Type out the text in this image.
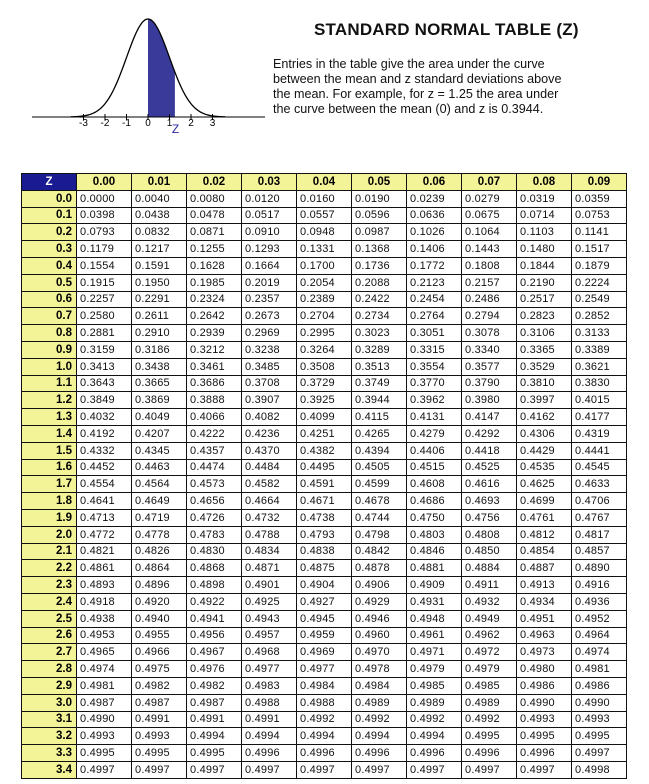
-3 -2 -1 0 1 2 3
Z
STANDARD NORMAL TABLE (Z)

Entries in the table give the area under the curve

between the mean and z standard deviations above

the mean. For example, for z = 1.25 the area under

the curve between the mean (0) and z is 0.3944.

Z	0.00	0.01	0.02	0.03	0.04	0.05	0.06	0.07	0.08	0.09
0.0	0.0000	0.0040	0.0080	0.0120	0.0160	0.0190	0.0239	0.0279	0.0319	0.0359
0.1	0.0398	0.0438	0.0478	0.0517	0.0557	0.0596	0.0636	0.0675	0.0714	0.0753
0.2	0.0793	0.0832	0.0871	0.0910	0.0948	0.0987	0.1026	0.1064	0.1103	0.1141
0.3	0.1179	0.1217	0.1255	0.1293	0.1331	0.1368	0.1406	0.1443	0.1480	0.1517
0.4	0.1554	0.1591	0.1628	0.1664	0.1700	0.1736	0.1772	0.1808	0.1844	0.1879
0.5	0.1915	0.1950	0.1985	0.2019	0.2054	0.2088	0.2123	0.2157	0.2190	0.2224
0.6	0.2257	0.2291	0.2324	0.2357	0.2389	0.2422	0.2454	0.2486	0.2517	0.2549
0.7	0.2580	0.2611	0.2642	0.2673	0.2704	0.2734	0.2764	0.2794	0.2823	0.2852
0.8	0.2881	0.2910	0.2939	0.2969	0.2995	0.3023	0.3051	0.3078	0.3106	0.3133
0.9	0.3159	0.3186	0.3212	0.3238	0.3264	0.3289	0.3315	0.3340	0.3365	0.3389
1.0	0.3413	0.3438	0.3461	0.3485	0.3508	0.3513	0.3554	0.3577	0.3529	0.3621
1.1	0.3643	0.3665	0.3686	0.3708	0.3729	0.3749	0.3770	0.3790	0.3810	0.3830
1.2	0.3849	0.3869	0.3888	0.3907	0.3925	0.3944	0.3962	0.3980	0.3997	0.4015
1.3	0.4032	0.4049	0.4066	0.4082	0.4099	0.4115	0.4131	0.4147	0.4162	0.4177
1.4	0.4192	0.4207	0.4222	0.4236	0.4251	0.4265	0.4279	0.4292	0.4306	0.4319
1.5	0.4332	0.4345	0.4357	0.4370	0.4382	0.4394	0.4406	0.4418	0.4429	0.4441
1.6	0.4452	0.4463	0.4474	0.4484	0.4495	0.4505	0.4515	0.4525	0.4535	0.4545
1.7	0.4554	0.4564	0.4573	0.4582	0.4591	0.4599	0.4608	0.4616	0.4625	0.4633
1.8	0.4641	0.4649	0.4656	0.4664	0.4671	0.4678	0.4686	0.4693	0.4699	0.4706
1.9	0.4713	0.4719	0.4726	0.4732	0.4738	0.4744	0.4750	0.4756	0.4761	0.4767
2.0	0.4772	0.4778	0.4783	0.4788	0.4793	0.4798	0.4803	0.4808	0.4812	0.4817
2.1	0.4821	0.4826	0.4830	0.4834	0.4838	0.4842	0.4846	0.4850	0.4854	0.4857
2.2	0.4861	0.4864	0.4868	0.4871	0.4875	0.4878	0.4881	0.4884	0.4887	0.4890
2.3	0.4893	0.4896	0.4898	0.4901	0.4904	0.4906	0.4909	0.4911	0.4913	0.4916
2.4	0.4918	0.4920	0.4922	0.4925	0.4927	0.4929	0.4931	0.4932	0.4934	0.4936
2.5	0.4938	0.4940	0.4941	0.4943	0.4945	0.4946	0.4948	0.4949	0.4951	0.4952
2.6	0.4953	0.4955	0.4956	0.4957	0.4959	0.4960	0.4961	0.4962	0.4963	0.4964
2.7	0.4965	0.4966	0.4967	0.4968	0.4969	0.4970	0.4971	0.4972	0.4973	0.4974
2.8	0.4974	0.4975	0.4976	0.4977	0.4977	0.4978	0.4979	0.4979	0.4980	0.4981
2.9	0.4981	0.4982	0.4982	0.4983	0.4984	0.4984	0.4985	0.4985	0.4986	0.4986
3.0	0.4987	0.4987	0.4987	0.4988	0.4988	0.4989	0.4989	0.4989	0.4990	0.4990
3.1	0.4990	0.4991	0.4991	0.4991	0.4992	0.4992	0.4992	0.4992	0.4993	0.4993
3.2	0.4993	0.4993	0.4994	0.4994	0.4994	0.4994	0.4994	0.4995	0.4995	0.4995
3.3	0.4995	0.4995	0.4995	0.4996	0.4996	0.4996	0.4996	0.4996	0.4996	0.4997
3.4	0.4997	0.4997	0.4997	0.4997	0.4997	0.4997	0.4997	0.4997	0.4997	0.4998
